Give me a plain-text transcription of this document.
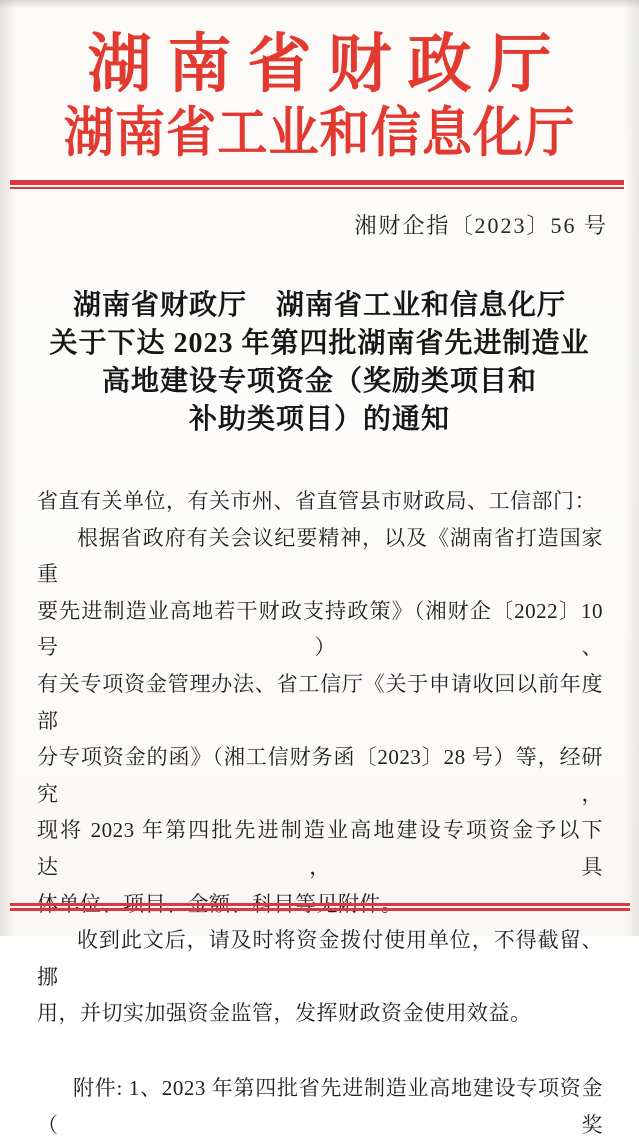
湖南省财政厅
湖南省工业和信息化厅
湘财企指〔2023〕56 号
湖南省财政厅　湖南省工业和信息化厅
关于下达 2023 年第四批湖南省先进制造业
高地建设专项资金（奖励类项目和
补助类项目）的通知

省直有关单位，有关市州、省直管县市财政局、工信部门：

根据省政府有关会议纪要精神，以及《湖南省打造国家重

要先进制造业高地若干财政支持政策》（湘财企〔2022〕10 号）、

有关专项资金管理办法、省工信厅《关于申请收回以前年度部

分专项资金的函》（湘工信财务函〔2023〕28 号）等，经研究，

现将 2023 年第四批先进制造业高地建设专项资金予以下达，具

体单位、项目、金额、科目等见附件。

收到此文后，请及时将资金拨付使用单位，不得截留、挪

用，并切实加强资金监管，发挥财政资金使用效益。

附件: 1、2023 年第四批省先进制造业高地建设专项资金（奖
